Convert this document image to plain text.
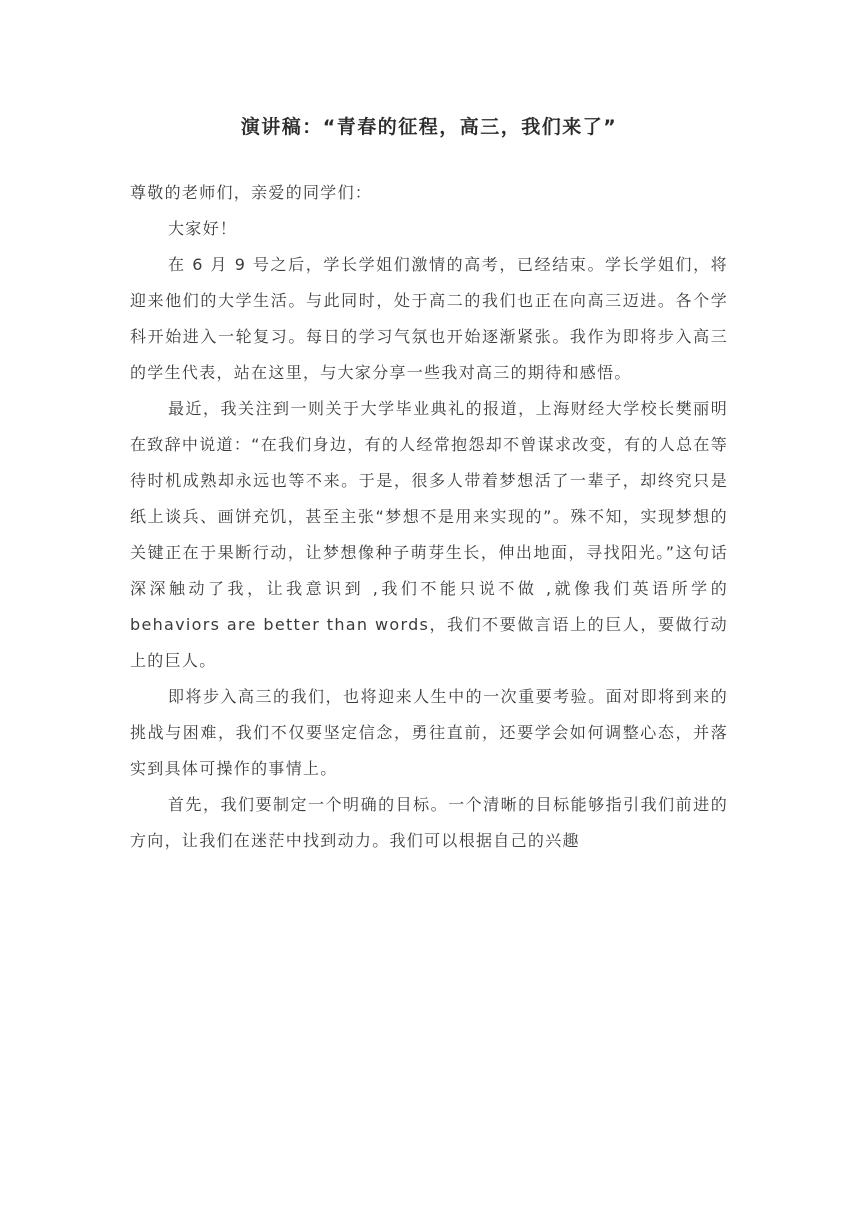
演讲稿：“青春的征程，高三，我们来了”

尊敬的老师们，亲爱的同学们：

大家好！

在 6 月 9 号之后，学长学姐们激情的高考，已经结束。学长学姐们，将迎来他们的大学生活。与此同时，处于高二的我们也正在向高三迈进。各个学科开始进入一轮复习。每日的学习气氛也开始逐渐紧张。我作为即将步入高三的学生代表，站在这里，与大家分享一些我对高三的期待和感悟。

最近，我关注到一则关于大学毕业典礼的报道，上海财经大学校长樊丽明在致辞中说道：“在我们身边，有的人经常抱怨却不曾谋求改变，有的人总在等待时机成熟却永远也等不来。于是，很多人带着梦想活了一辈子，却终究只是纸上谈兵、画饼充饥，甚至主张“梦想不是用来实现的”。殊不知，实现梦想的关键正在于果断行动，让梦想像种子萌芽生长，伸出地面，寻找阳光。”这句话深深触动了我，让我意识到 ,我们不能只说不做 ,就像我们英语所学的 behaviors are better than words，我们不要做言语上的巨人，要做行动上的巨人。

即将步入高三的我们，也将迎来人生中的一次重要考验。面对即将到来的挑战与困难，我们不仅要坚定信念，勇往直前，还要学会如何调整心态，并落实到具体可操作的事情上。

首先，我们要制定一个明确的目标。一个清晰的目标能够指引我们前进的方向，让我们在迷茫中找到动力。我们可以根据自己的兴趣
